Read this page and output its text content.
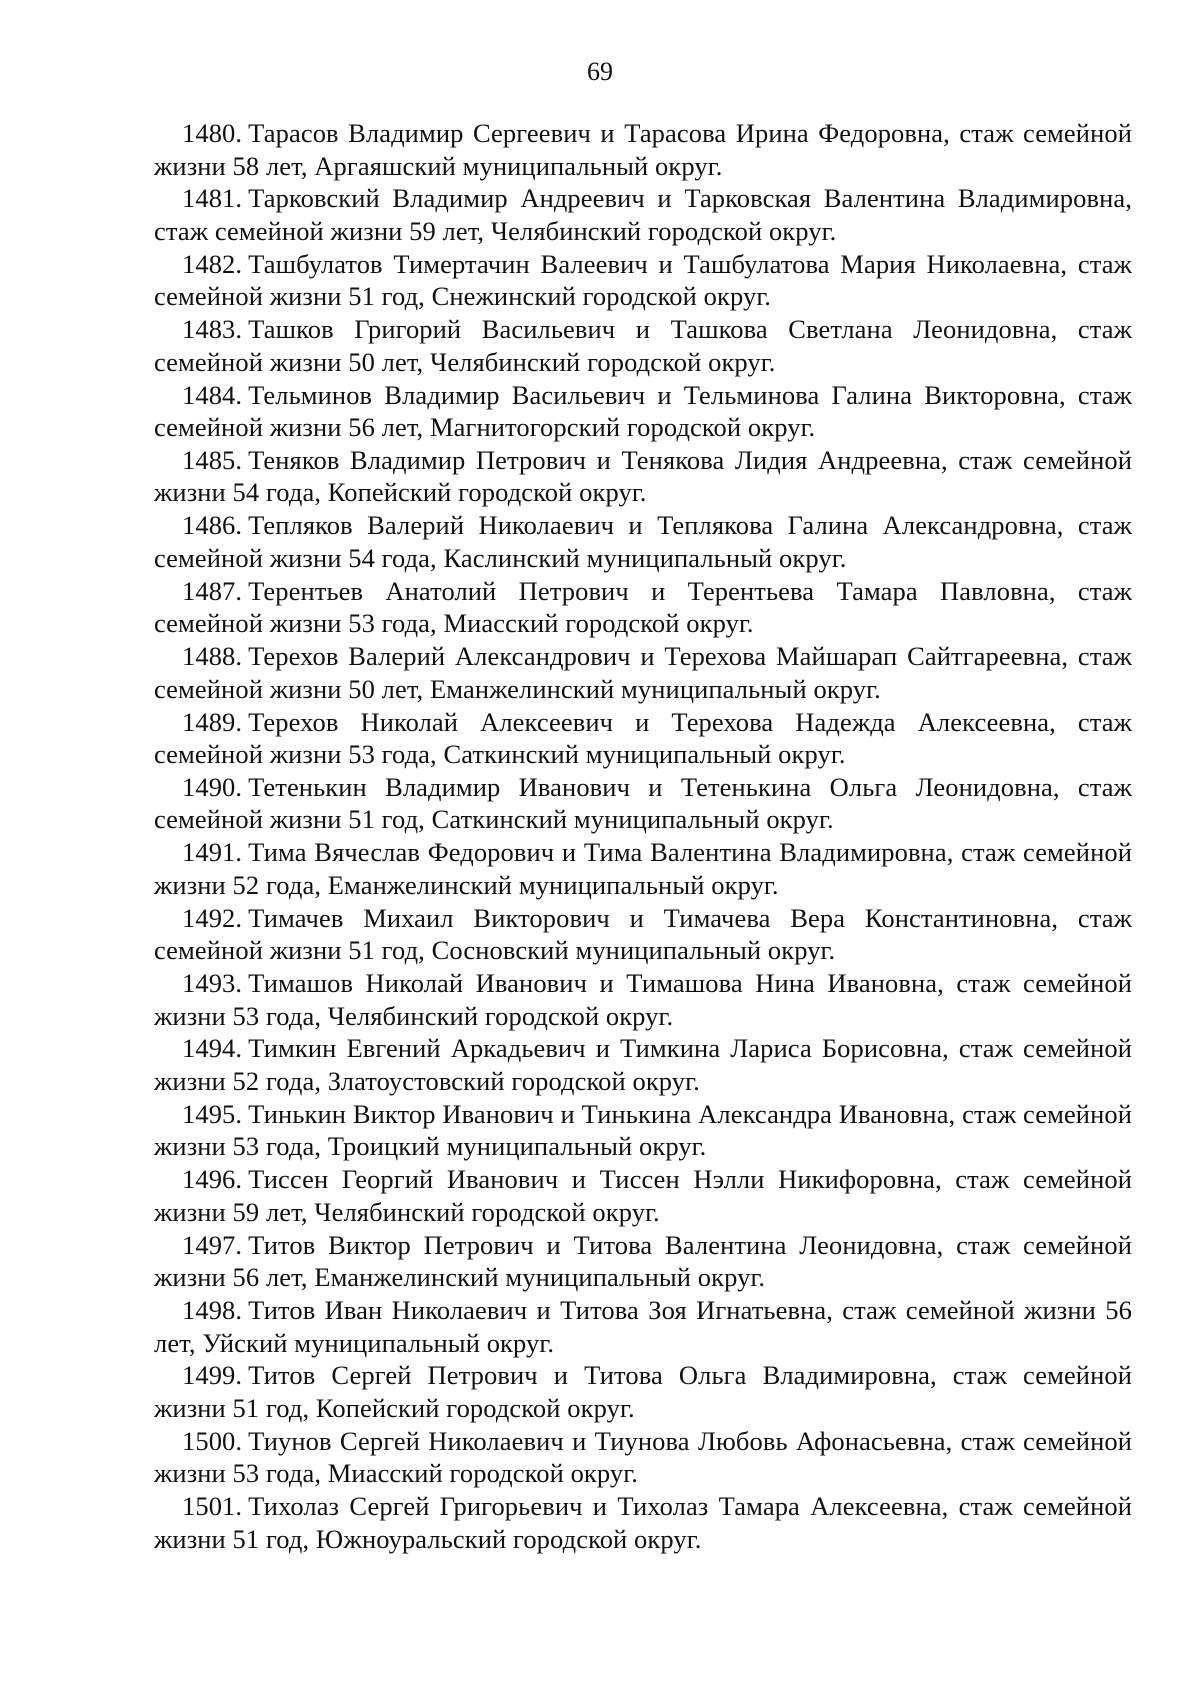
69

1480. Тарасов Владимир Сергеевич и Тарасова Ирина Федоровна, стаж семейной жизни 58 лет, Аргаяшский муниципальный округ.

1481. Тарковский Владимир Андреевич и Тарковская Валентина Владимировна, стаж семейной жизни 59 лет, Челябинский городской округ.

1482. Ташбулатов Тимертачин Валеевич и Ташбулатова Мария Николаевна, стаж семейной жизни 51 год, Снежинский городской округ.

1483. Ташков Григорий Васильевич и Ташкова Светлана Леонидовна, стаж семейной жизни 50 лет, Челябинский городской округ.

1484. Тельминов Владимир Васильевич и Тельминова Галина Викторовна, стаж семейной жизни 56 лет, Магнитогорский городской округ.

1485. Теняков Владимир Петрович и Тенякова Лидия Андреевна, стаж семейной жизни 54 года, Копейский городской округ.

1486. Тепляков Валерий Николаевич и Теплякова Галина Александровна, стаж семейной жизни 54 года, Каслинский муниципальный округ.

1487. Терентьев Анатолий Петрович и Терентьева Тамара Павловна, стаж семейной жизни 53 года, Миасский городской округ.

1488. Терехов Валерий Александрович и Терехова Майшарап Сайтгареевна, стаж семейной жизни 50 лет, Еманжелинский муниципальный округ.

1489. Терехов Николай Алексеевич и Терехова Надежда Алексеевна, стаж семейной жизни 53 года, Саткинский муниципальный округ.

1490. Тетенькин Владимир Иванович и Тетенькина Ольга Леонидовна, стаж семейной жизни 51 год, Саткинский муниципальный округ.

1491. Тима Вячеслав Федорович и Тима Валентина Владимировна, стаж семейной жизни 52 года, Еманжелинский муниципальный округ.

1492. Тимачев Михаил Викторович и Тимачева Вера Константиновна, стаж семейной жизни 51 год, Сосновский муниципальный округ.

1493. Тимашов Николай Иванович и Тимашова Нина Ивановна, стаж семейной жизни 53 года, Челябинский городской округ.

1494. Тимкин Евгений Аркадьевич и Тимкина Лариса Борисовна, стаж семейной жизни 52 года, Златоустовский городской округ.

1495. Тинькин Виктор Иванович и Тинькина Александра Ивановна, стаж семейной жизни 53 года, Троицкий муниципальный округ.

1496. Тиссен Георгий Иванович и Тиссен Нэлли Никифоровна, стаж семейной жизни 59 лет, Челябинский городской округ.

1497. Титов Виктор Петрович и Титова Валентина Леонидовна, стаж семейной жизни 56 лет, Еманжелинский муниципальный округ.

1498. Титов Иван Николаевич и Титова Зоя Игнатьевна, стаж семейной жизни 56 лет, Уйский муниципальный округ.

1499. Титов Сергей Петрович и Титова Ольга Владимировна, стаж семейной жизни 51 год, Копейский городской округ.

1500. Тиунов Сергей Николаевич и Тиунова Любовь Афонасьевна, стаж семейной жизни 53 года, Миасский городской округ.

1501. Тихолаз Сергей Григорьевич и Тихолаз Тамара Алексеевна, стаж семейной жизни 51 год, Южноуральский городской округ.
